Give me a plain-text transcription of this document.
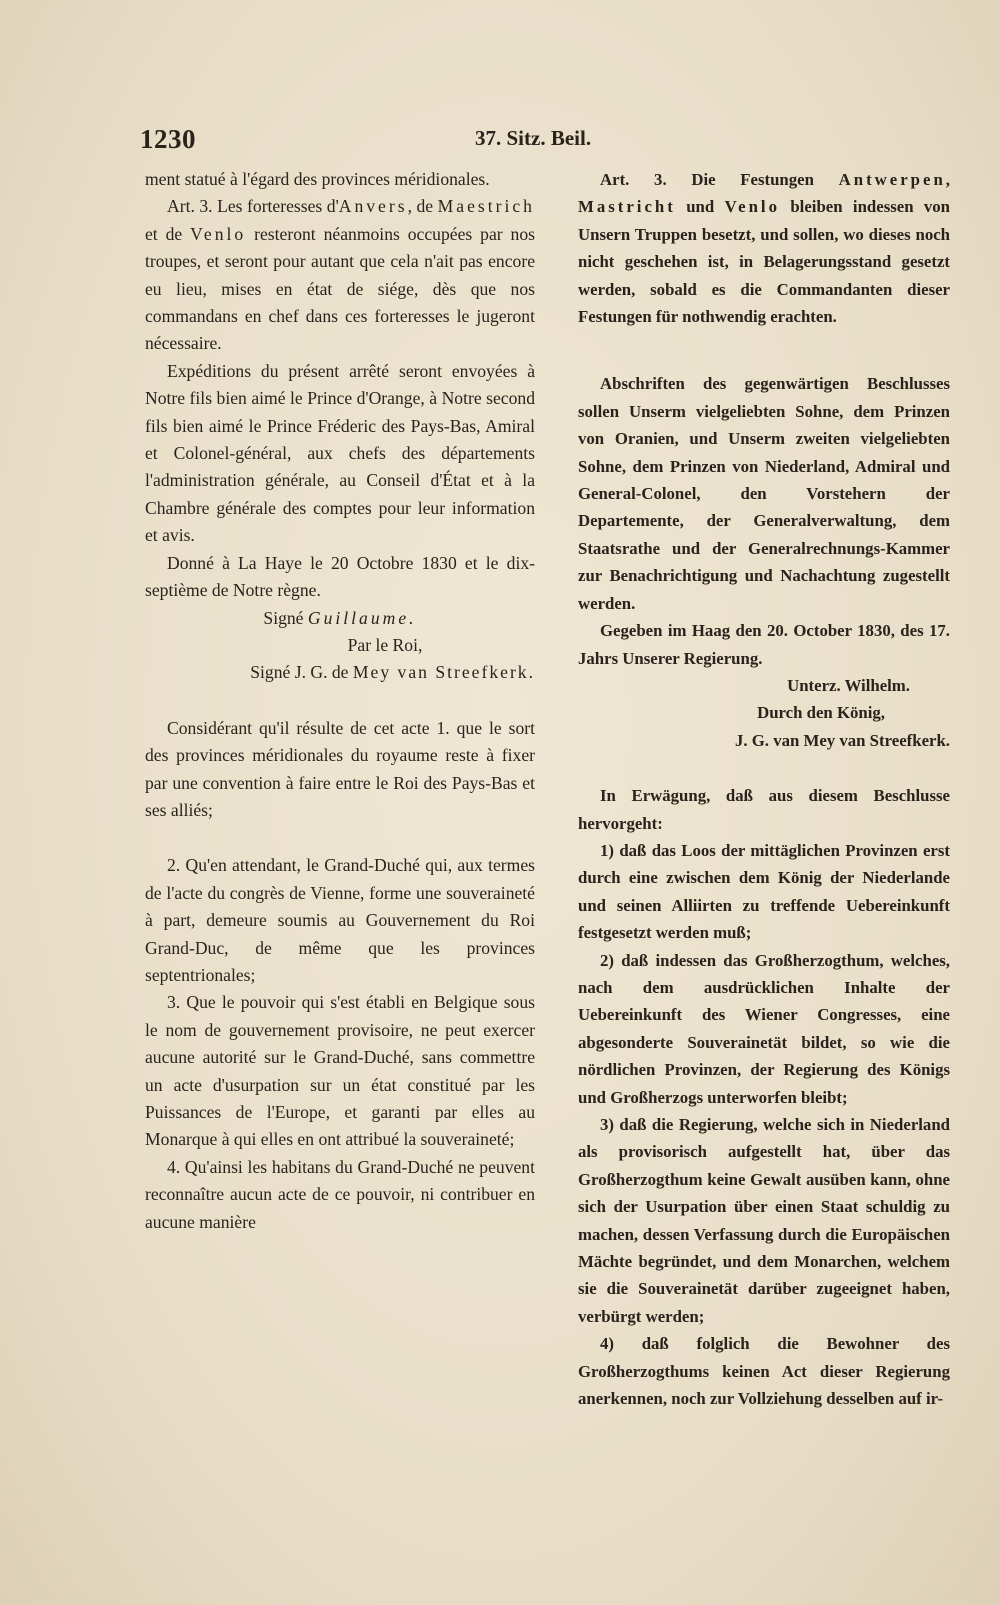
1230	37. Sitz. Beil.

ment statué à l'égard des provinces méridionales.

Art. 3. Les forteresses d'Anvers, de Maestrich et de Venlo resteront néanmoins occupées par nos troupes, et seront pour autant que cela n'ait pas encore eu lieu, mises en état de siége, dès que nos commandans en chef dans ces forteresses le jugeront nécessaire.

Expéditions du présent arrêté seront envoyées à Notre fils bien aimé le Prince d'Orange, à Notre second fils bien aimé le Prince Fréderic des Pays-Bas, Amiral et Colonel-général, aux chefs des départements l'administration générale, au Conseil d'État et à la Chambre générale des comptes pour leur information et avis.

Donné à La Haye le 20 Octobre 1830 et le dix-septième de Notre règne.

Signé Guillaume.

Par le Roi,

Signé J. G. de Mey van Streefkerk.

Considérant qu'il résulte de cet acte 1. que le sort des provinces méridionales du royaume reste à fixer par une convention à faire entre le Roi des Pays-Bas et ses alliés;

2. Qu'en attendant, le Grand-Duché qui, aux termes de l'acte du congrès de Vienne, forme une souveraineté à part, demeure soumis au Gouvernement du Roi Grand-Duc, de même que les provinces septentrionales;

3. Que le pouvoir qui s'est établi en Belgique sous le nom de gouvernement provisoire, ne peut exercer aucune autorité sur le Grand-Duché, sans commettre un acte d'usurpation sur un état constitué par les Puissances de l'Europe, et garanti par elles au Monarque à qui elles en ont attribué la souveraineté;

4. Qu'ainsi les habitans du Grand-Duché ne peuvent reconnaître aucun acte de ce pouvoir, ni contribuer en aucune manière

Art. 3. Die Festungen Antwerpen, Mastricht und Venlo bleiben indessen von Unsern Truppen besetzt, und sollen, wo dieses noch nicht geschehen ist, in Belagerungsstand gesetzt werden, sobald es die Commandanten dieser Festungen für nothwendig erachten.

Abschriften des gegenwärtigen Beschlusses sollen Unserm vielgeliebten Sohne, dem Prinzen von Oranien, und Unserm zweiten vielgeliebten Sohne, dem Prinzen von Niederland, Admiral und General-Colonel, den Vorstehern der Departemente, der Generalverwaltung, dem Staatsrathe und der Generalrechnungs-Kammer zur Benachrichtigung und Nachachtung zugestellt werden.

Gegeben im Haag den 20. October 1830, des 17. Jahrs Unserer Regierung.

Unterz. Wilhelm.

Durch den König,

J. G. van Mey van Streefkerk.

In Erwägung, daß aus diesem Beschlusse hervorgeht:

1) daß das Loos der mittäglichen Provinzen erst durch eine zwischen dem König der Niederlande und seinen Alliirten zu treffende Uebereinkunft festgesetzt werden muß;

2) daß indessen das Großherzogthum, welches, nach dem ausdrücklichen Inhalte der Uebereinkunft des Wiener Congresses, eine abgesonderte Souverainetät bildet, so wie die nördlichen Provinzen, der Regierung des Königs und Großherzogs unterworfen bleibt;

3) daß die Regierung, welche sich in Niederland als provisorisch aufgestellt hat, über das Großherzogthum keine Gewalt ausüben kann, ohne sich der Usurpation über einen Staat schuldig zu machen, dessen Verfassung durch die Europäischen Mächte begründet, und dem Monarchen, welchem sie die Souverainetät darüber zugeeignet haben, verbürgt werden;

4) daß folglich die Bewohner des Großherzogthums keinen Act dieser Regierung anerkennen, noch zur Vollziehung desselben auf ir-
